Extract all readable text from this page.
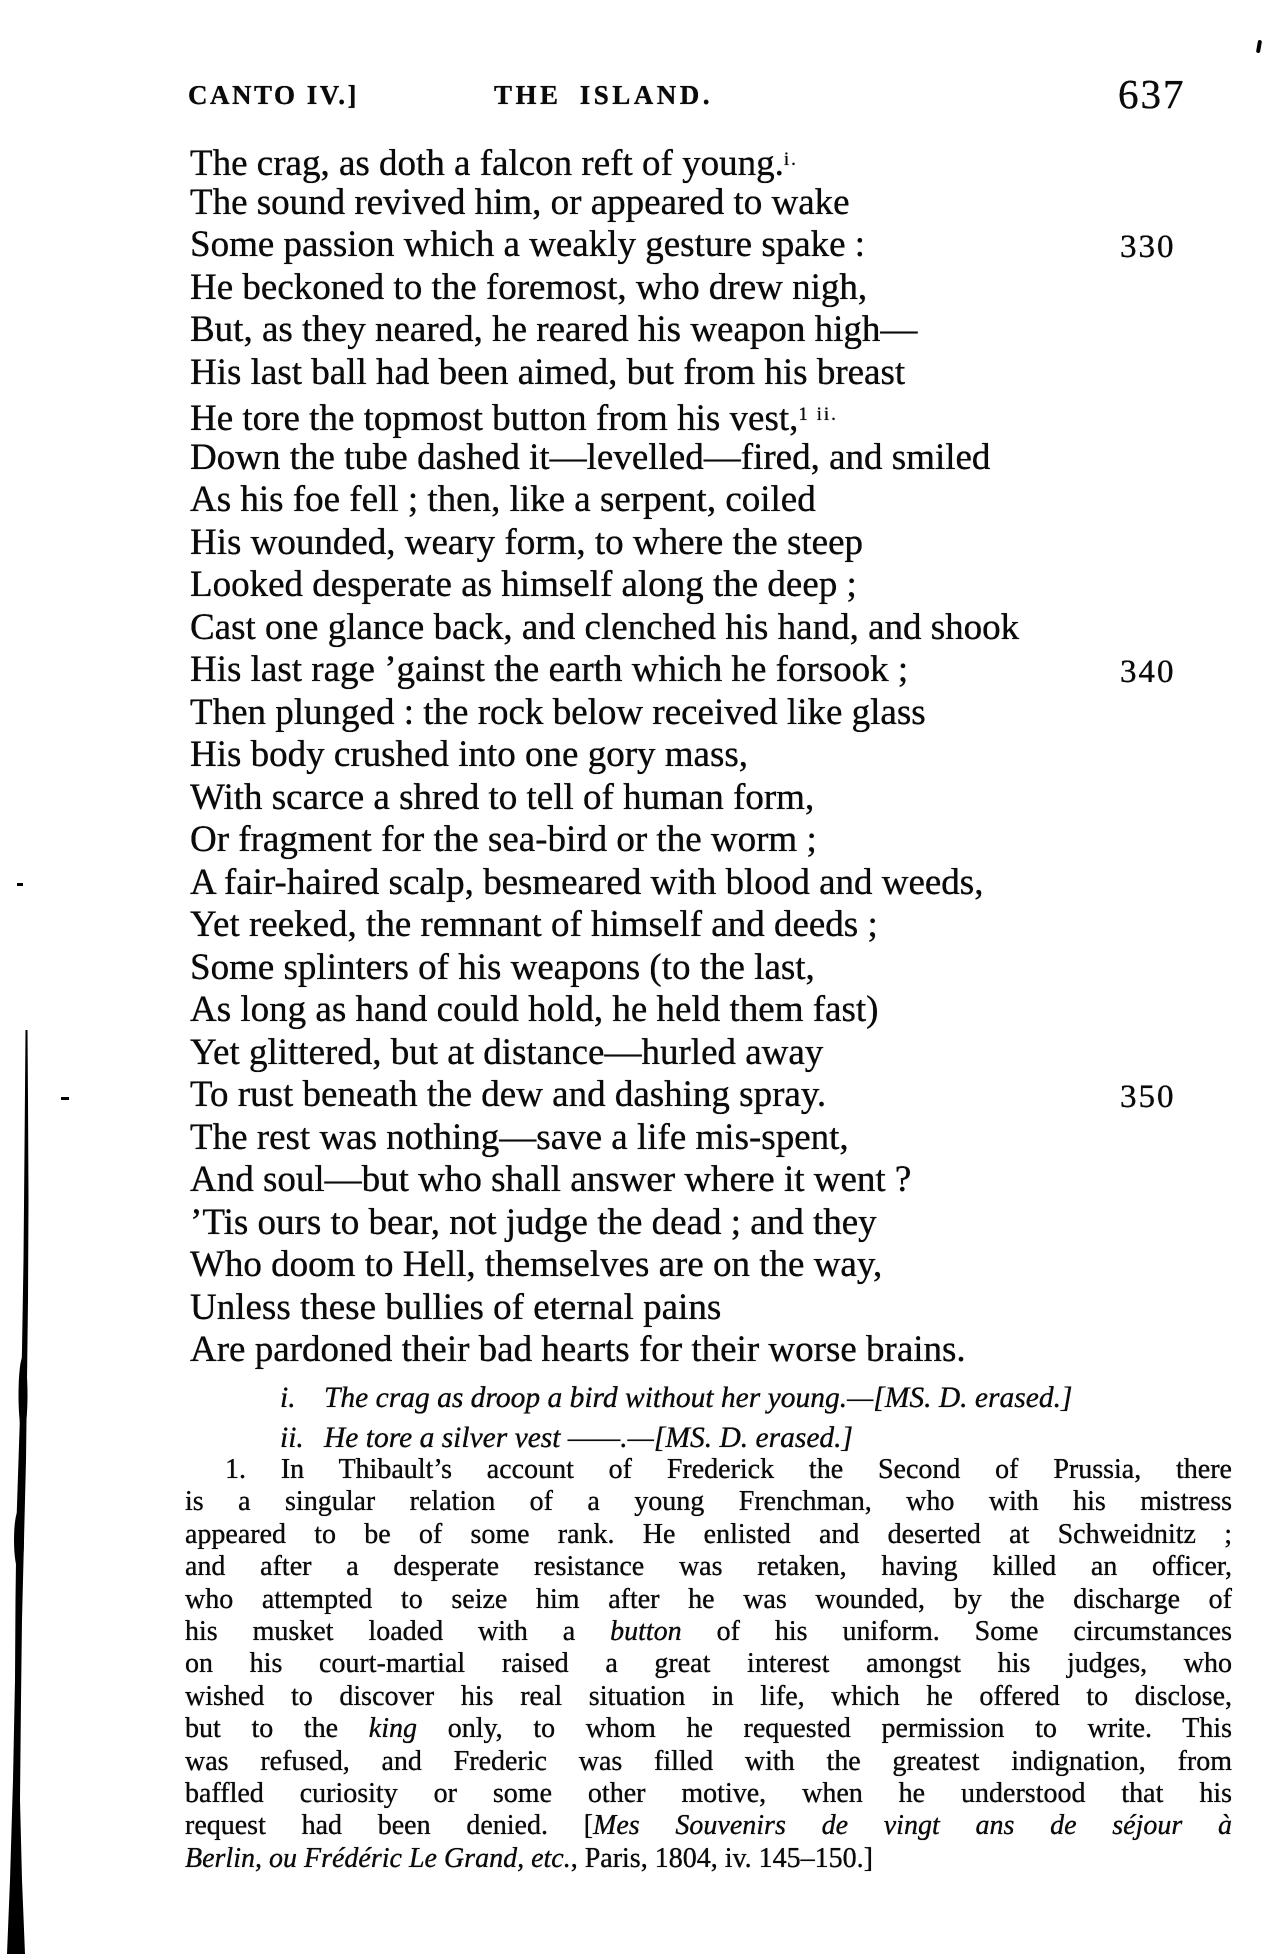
CANTO IV.]	THE ISLAND.	637
The crag, as doth a falcon reft of young.$^{i.}$
The sound revived him, or appeared to wake
Some passion which a weakly gesture spake :	330
He beckoned to the foremost, who drew nigh,
But, as they neared, he reared his weapon high—
His last ball had been aimed, but from his breast
He tore the topmost button from his vest,$^{1 ii.}$
Down the tube dashed it—levelled—fired, and smiled
As his foe fell ; then, like a serpent, coiled
His wounded, weary form, to where the steep
Looked desperate as himself along the deep ;
Cast one glance back, and clenched his hand, and shook
His last rage ’gainst the earth which he forsook ;	340
Then plunged : the rock below received like glass
His body crushed into one gory mass,
With scarce a shred to tell of human form,
Or fragment for the sea-bird or the worm ;
A fair-haired scalp, besmeared with blood and weeds,
Yet reeked, the remnant of himself and deeds ;
Some splinters of his weapons (to the last,
As long as hand could hold, he held them fast)
Yet glittered, but at distance—hurled away
To rust beneath the dew and dashing spray.	350
The rest was nothing—save a life mis-spent,
And soul—but who shall answer where it went ?
’Tis ours to bear, not judge the dead ; and they
Who doom to Hell, themselves are on the way,
Unless these bullies of eternal pains
Are pardoned their bad hearts for their worse brains.
i. The crag as droop a bird without her young.—[MS. D. erased.]
ii. He tore a silver vest ——.—[MS. D. erased.]
1. In Thibault’s account of Frederick the Second of Prussia, there
is a singular relation of a young Frenchman, who with his mistress
appeared to be of some rank. He enlisted and deserted at Schweidnitz ;
and after a desperate resistance was retaken, having killed an officer,
who attempted to seize him after he was wounded, by the discharge of
his musket loaded with a button of his uniform. Some circumstances
on his court-martial raised a great interest amongst his judges, who
wished to discover his real situation in life, which he offered to disclose,
but to the king only, to whom he requested permission to write. This
was refused, and Frederic was filled with the greatest indignation, from
baffled curiosity or some other motive, when he understood that his
request had been denied. [Mes Souvenirs de vingt ans de séjour à
Berlin, ou Frédéric Le Grand, etc., Paris, 1804, iv. 145–150.]
